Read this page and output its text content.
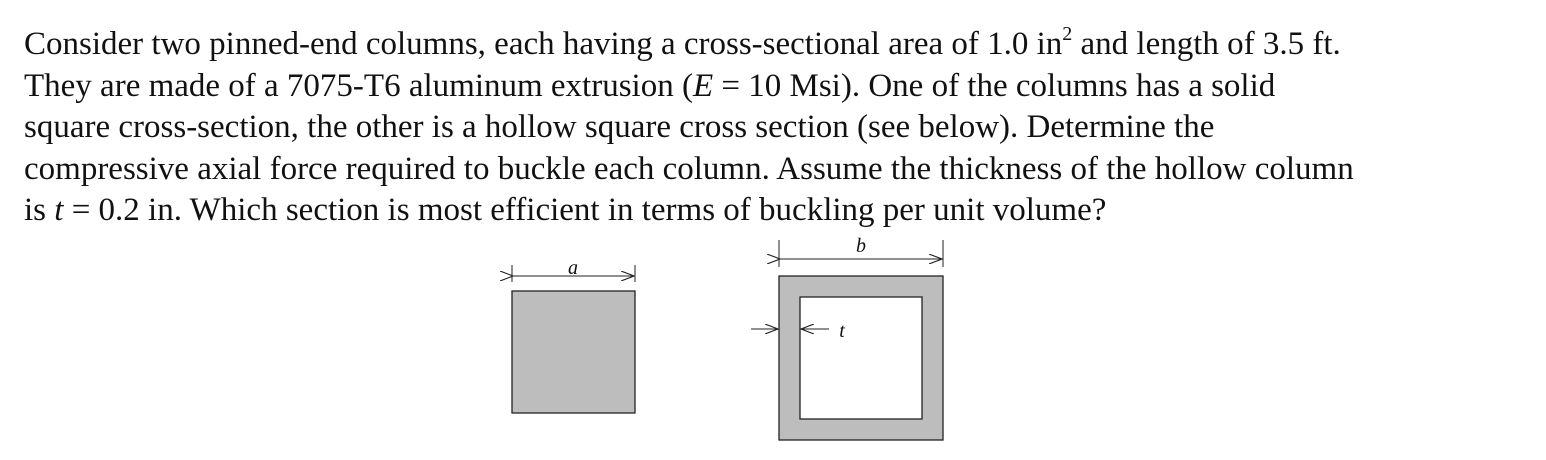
Consider two pinned-end columns, each having a cross-sectional area of 1.0 $in^2$ and length of 3.5 ft.
They are made of a 7075-T6 aluminum extrusion (E = 10 Msi). One of the columns has a solid
square cross-section, the other is a hollow square cross section (see below). Determine the
compressive axial force required to buckle each column. Assume the thickness of the hollow column
is t = 0.2 in. Which section is most efficient in terms of buckling per unit volume?
a
b
t
